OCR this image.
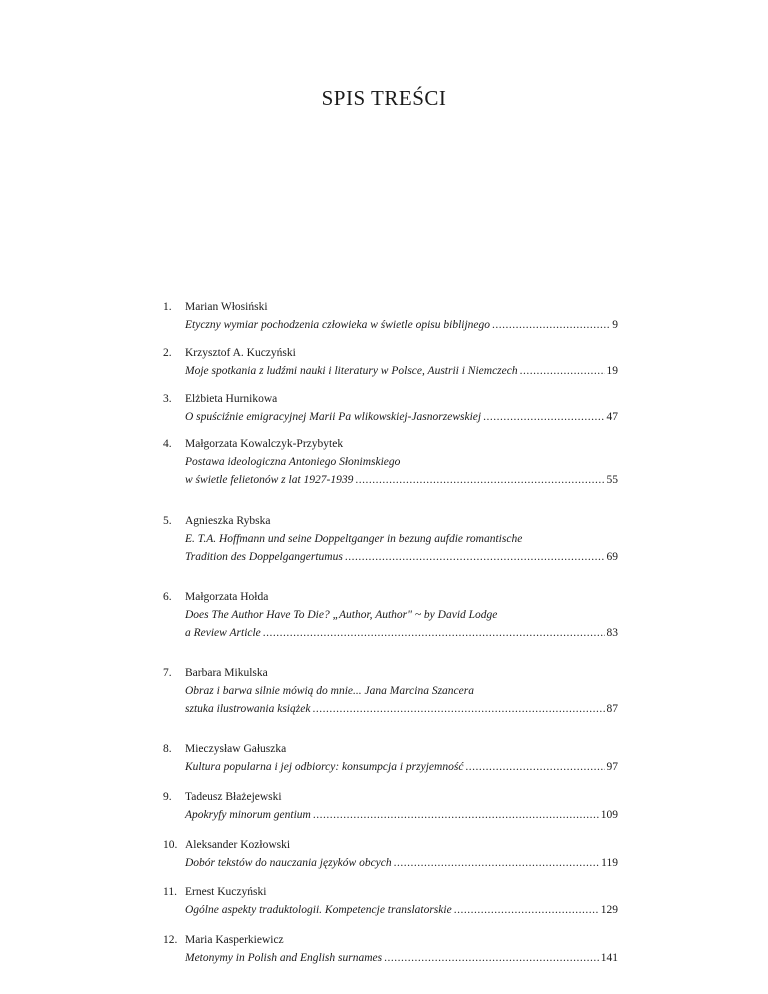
SPIS TREŚCI
1.	Marian Włosiński
Etyczny wymiar pochodzenia człowieka w świetle opisu biblijnego .....	9
2.	Krzysztof A. Kuczyński
Moje spotkania z ludźmi nauki i literatury w Polsce, Austrii i Niemczech .....	19
3.	Elżbieta Hurnikowa
O spuściźnie emigracyjnej Marii Pa wlikowskiej-Jasnorzewskiej .....	47
4.	Małgorzata Kowalczyk-Przybytek
Postawa ideologiczna Antoniego Słonimskiego
w świetle felietonów z lat 1927-1939 .....	55
5.	Agnieszka Rybska
E. T.A. Hoffmann und seine Doppeltganger in bezung aufdie romantische
Tradition des Doppelgangertumus .....	69
6.	Małgorzata Hołda
Does The Author Have To Die? „Author, Author" ~ by David Lodge
a Review Article .....	83
7.	Barbara Mikulska
Obraz i barwa silnie mówią do mnie... Jana Marcina Szancera
sztuka ilustrowania książek .....	87
8.	Mieczysław Gałuszka
Kultura popularna i jej odbiorcy: konsumpcja i przyjemność .....	97
9.	Tadeusz Błażejewski
Apokryfy minorum gentium .....	109
10. Aleksander Kozłowski
Dobór tekstów do nauczania języków obcych .....	119
11. Ernest Kuczyński
Ogólne aspekty traduktologii. Kompetencje translatorskie .....	129
12. Maria Kasperkiewicz
Metonymy in Polish and English surnames .....	141
